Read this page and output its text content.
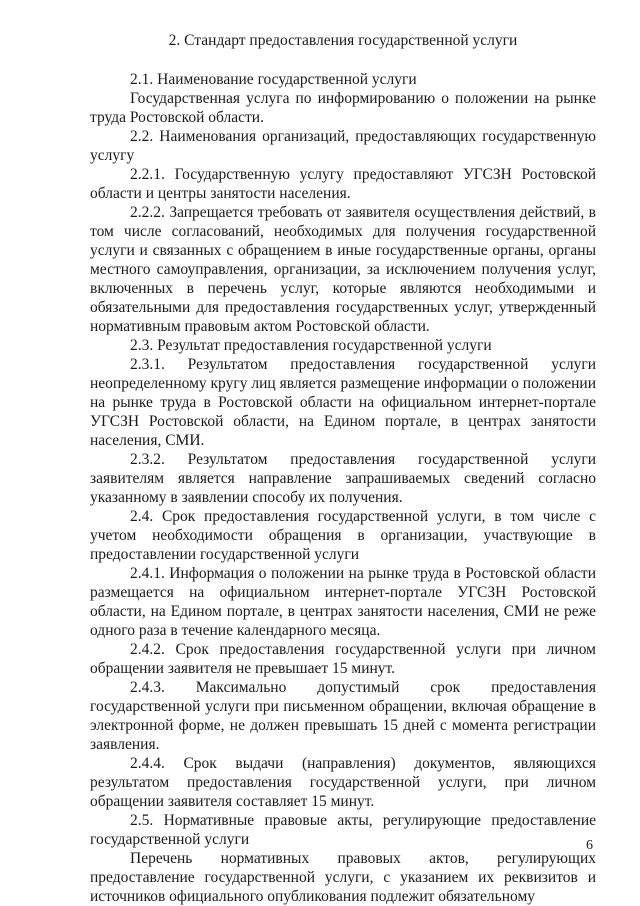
2. Стандарт предоставления государственной услуги

2.1. Наименование государственной услуги

Государственная услуга по информированию о положении на рынке труда Ростовской области.

2.2. Наименования организаций, предоставляющих государственную услугу

2.2.1. Государственную услугу предоставляют УГСЗН Ростовской области и центры занятости населения.

2.2.2. Запрещается требовать от заявителя осуществления действий, в том числе согласований, необходимых для получения государственной услуги и связанных с обращением в иные государственные органы, органы местного самоуправления, организации, за исключением получения услуг, включенных в перечень услуг, которые являются необходимыми и обязательными для предоставления государственных услуг, утвержденный нормативным правовым актом Ростовской области.

2.3. Результат предоставления государственной услуги

2.3.1. Результатом предоставления государственной услуги неопределенному кругу лиц является размещение информации о положении на рынке труда в Ростовской области на официальном интернет-портале УГСЗН Ростовской области, на Едином портале, в центрах занятости населения, СМИ.

2.3.2. Результатом предоставления государственной услуги заявителям является направление запрашиваемых сведений согласно указанному в заявлении способу их получения.

2.4. Срок предоставления государственной услуги, в том числе с учетом необходимости обращения в организации, участвующие в предоставлении государственной услуги

2.4.1. Информация о положении на рынке труда в Ростовской области размещается на официальном интернет-портале УГСЗН Ростовской области, на Едином портале, в центрах занятости населения, СМИ не реже одного раза в течение календарного месяца.

2.4.2. Срок предоставления государственной услуги при личном обращении заявителя не превышает 15 минут.

2.4.3. Максимально допустимый срок предоставления государственной услуги при письменном обращении, включая обращение в электронной форме, не должен превышать 15 дней с момента регистрации заявления.

2.4.4. Срок выдачи (направления) документов, являющихся результатом предоставления государственной услуги, при личном обращении заявителя составляет 15 минут.

2.5. Нормативные правовые акты, регулирующие предоставление государственной услуги

Перечень нормативных правовых актов, регулирующих предоставление государственной услуги, с указанием их реквизитов и источников официального опубликования подлежит обязательному

6
